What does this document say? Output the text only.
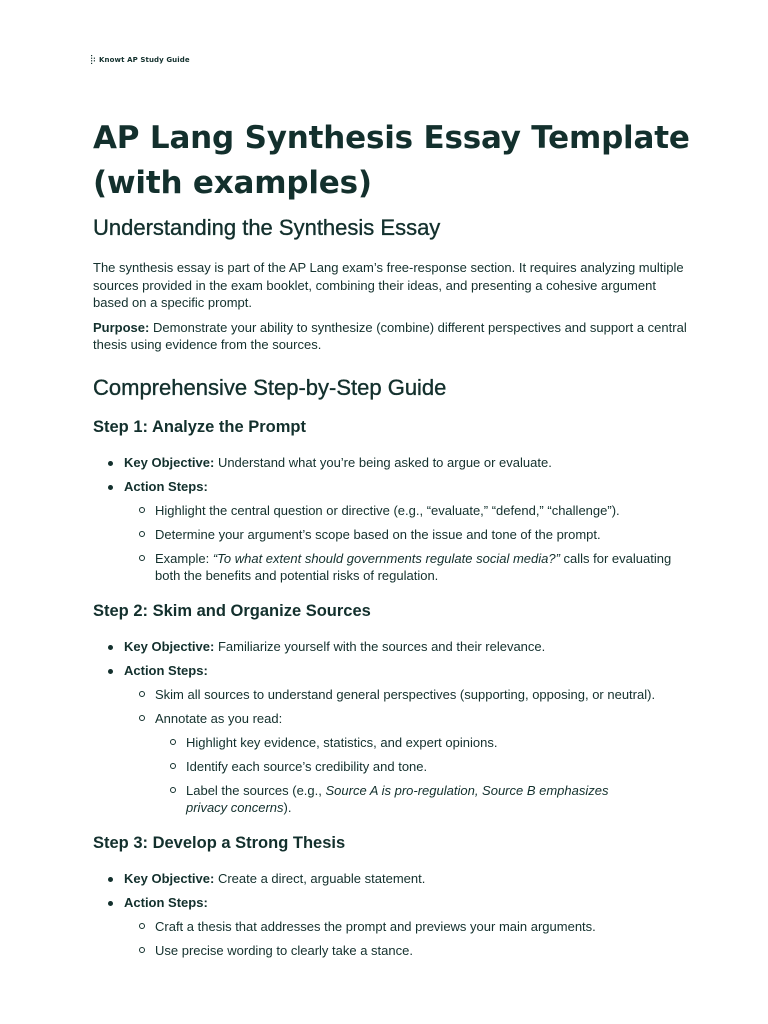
Knowt AP Study Guide
AP Lang Synthesis Essay Template (with examples)
Understanding the Synthesis Essay

The synthesis essay is part of the AP Lang exam’s free-response section. It requires analyzing multiple sources provided in the exam booklet, combining their ideas, and presenting a cohesive argument based on a specific prompt.

Purpose: Demonstrate your ability to synthesize (combine) different perspectives and support a central thesis using evidence from the sources.

Comprehensive Step-by-Step Guide
Step 1: Analyze the Prompt
Key Objective: Understand what you’re being asked to argue or evaluate.
Action Steps:
Highlight the central question or directive (e.g., “evaluate,” “defend,” “challenge”).
Determine your argument’s scope based on the issue and tone of the prompt.
Example: “To what extent should governments regulate social media?” calls for evaluating both the benefits and potential risks of regulation.
Step 2: Skim and Organize Sources
Key Objective: Familiarize yourself with the sources and their relevance.
Action Steps:
Skim all sources to understand general perspectives (supporting, opposing, or neutral).
Annotate as you read:
Highlight key evidence, statistics, and expert opinions.
Identify each source’s credibility and tone.
Label the sources (e.g., Source A is pro-regulation, Source B emphasizes privacy concerns).
Step 3: Develop a Strong Thesis
Key Objective: Create a direct, arguable statement.
Action Steps:
Craft a thesis that addresses the prompt and previews your main arguments.
Use precise wording to clearly take a stance.
